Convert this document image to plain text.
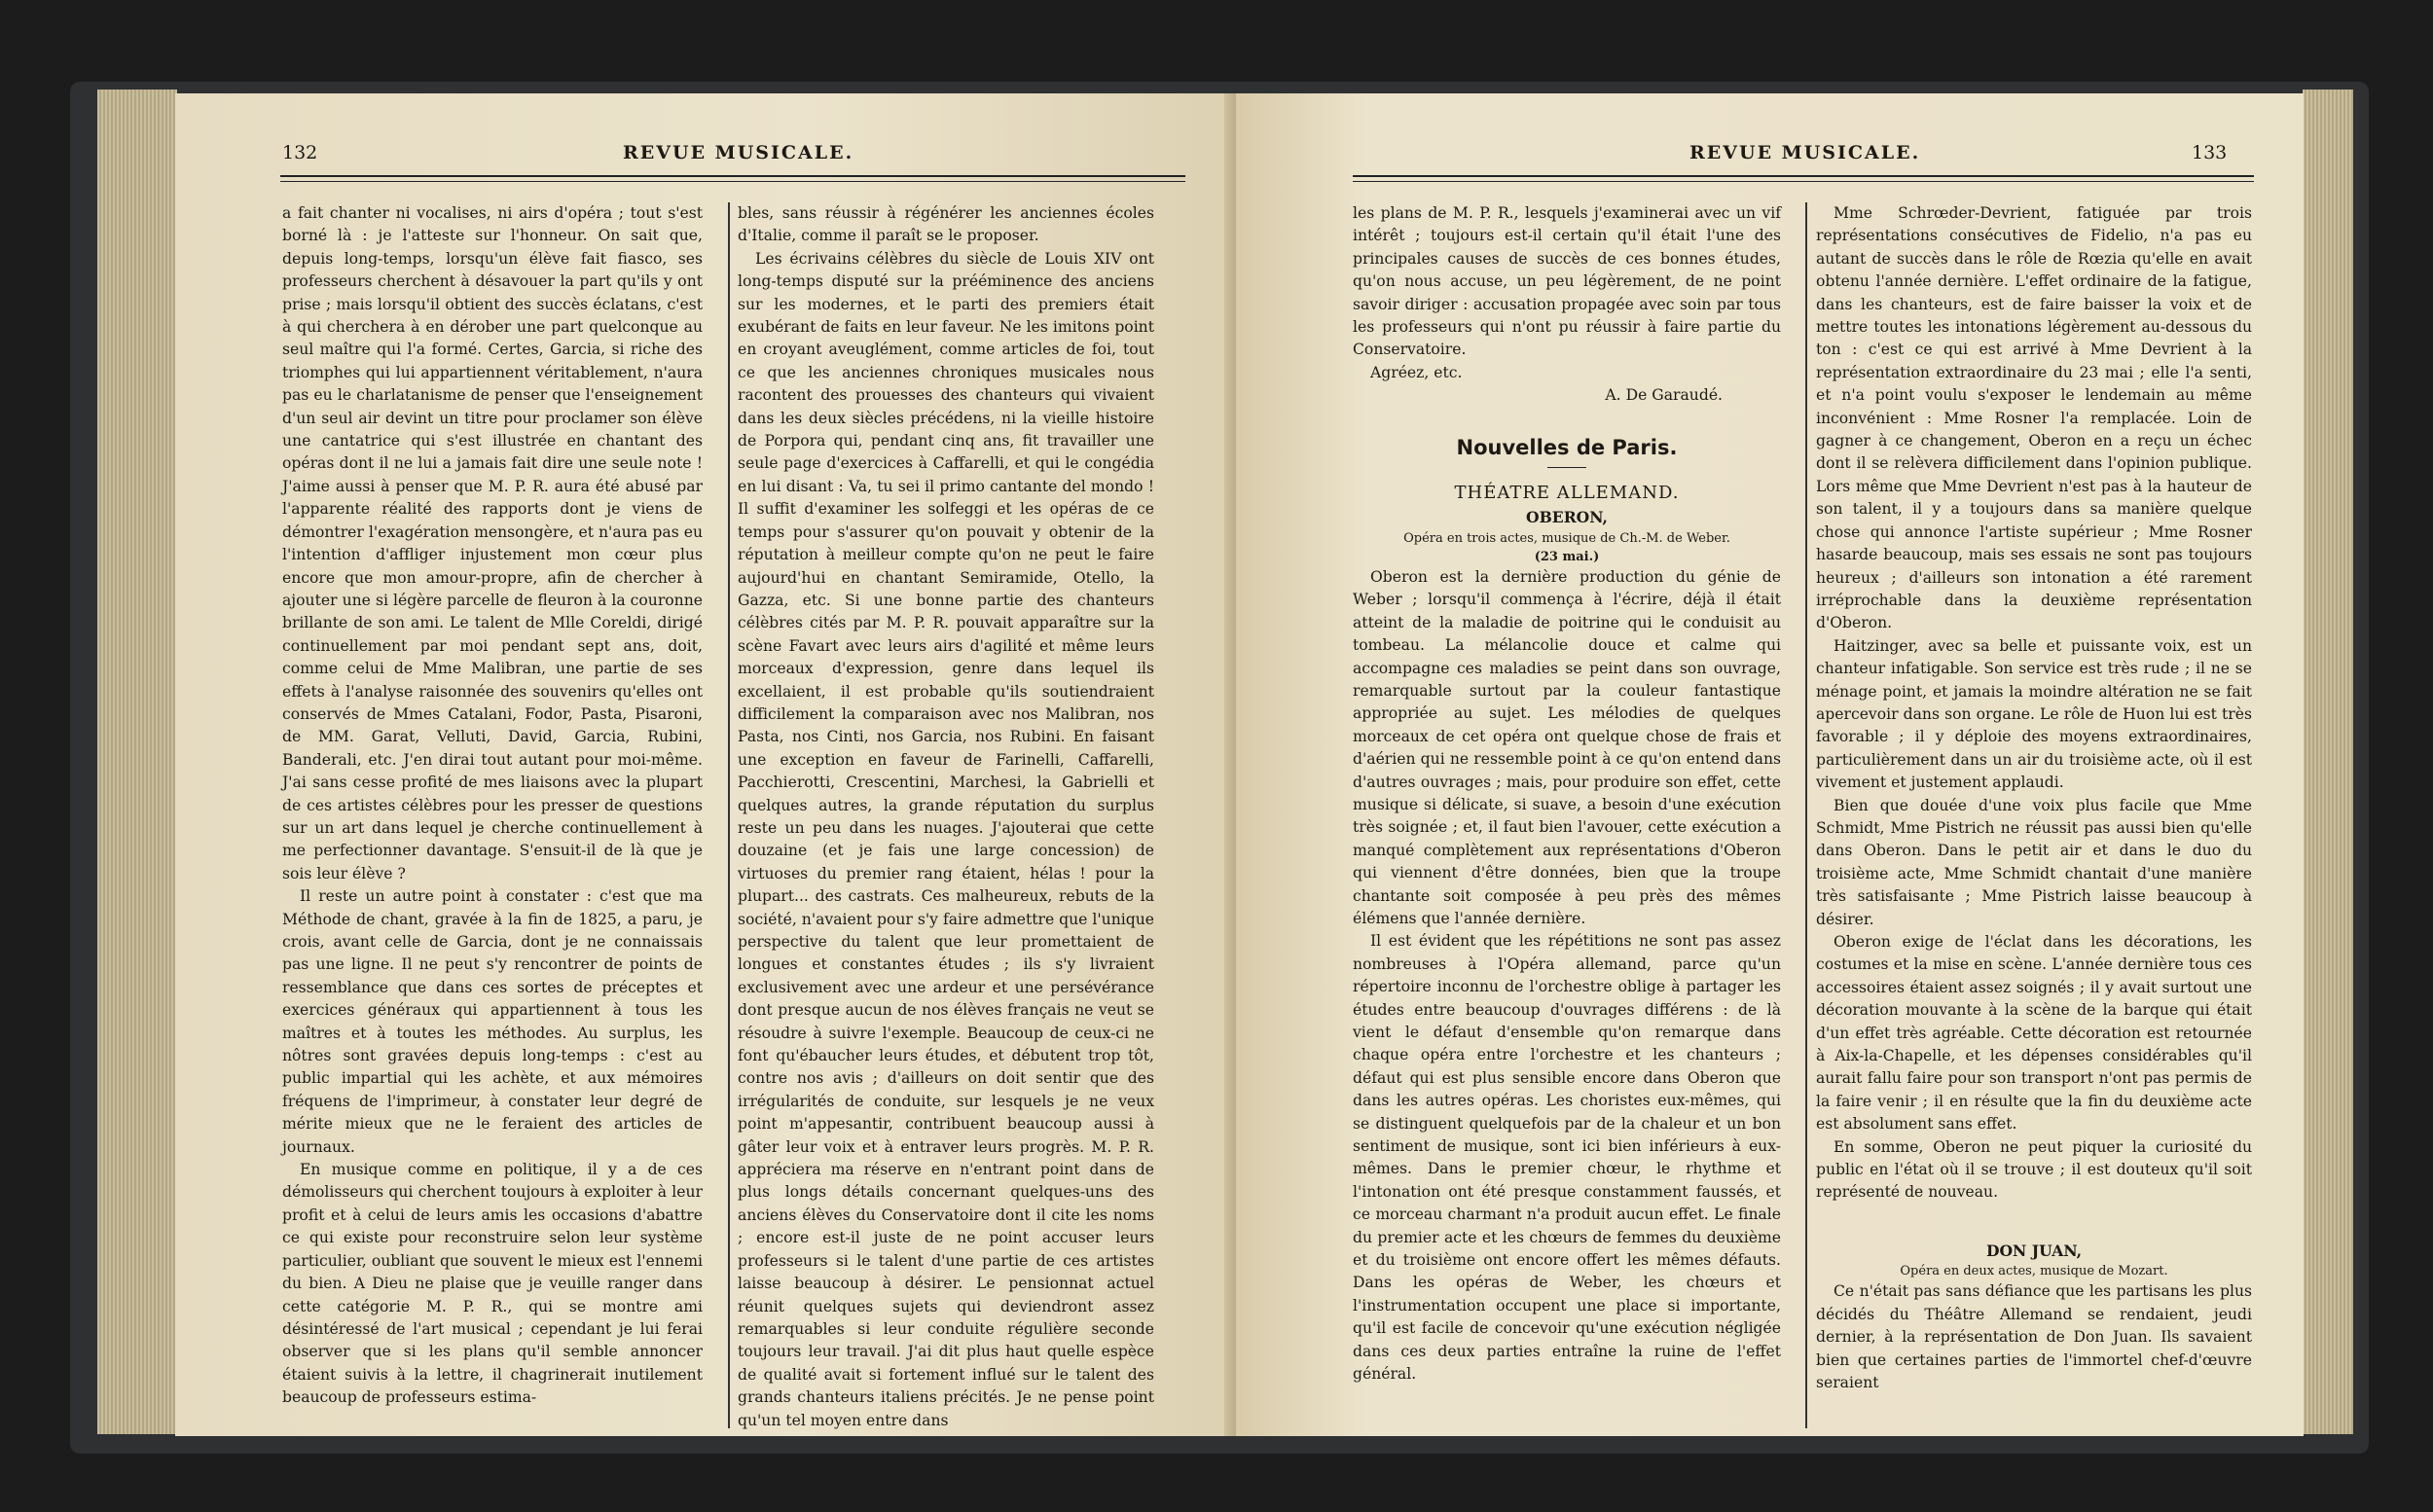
132	REVUE MUSICALE.

a fait chanter ni vocalises, ni airs d'opéra ; tout s'est borné là : je l'atteste sur l'honneur. On sait que, depuis long-temps, lorsqu'un élève fait fiasco, ses professeurs cherchent à désavouer la part qu'ils y ont prise ; mais lorsqu'il obtient des succès éclatans, c'est à qui cherchera à en dérober une part quelconque au seul maître qui l'a formé. Certes, Garcia, si riche des triomphes qui lui appartiennent véritablement, n'aura pas eu le charlatanisme de penser que l'enseignement d'un seul air devint un titre pour proclamer son élève une cantatrice qui s'est illustrée en chantant des opéras dont il ne lui a jamais fait dire une seule note ! J'aime aussi à penser que M. P. R. aura été abusé par l'apparente réalité des rapports dont je viens de démontrer l'exagération mensongère, et n'aura pas eu l'intention d'affliger injustement mon cœur plus encore que mon amour-propre, afin de chercher à ajouter une si légère parcelle de fleuron à la couronne brillante de son ami. Le talent de Mlle Coreldi, dirigé continuellement par moi pendant sept ans, doit, comme celui de Mme Malibran, une partie de ses effets à l'analyse raisonnée des souvenirs qu'elles ont conservés de Mmes Catalani, Fodor, Pasta, Pisaroni, de MM. Garat, Velluti, David, Garcia, Rubini, Banderali, etc. J'en dirai tout autant pour moi-même. J'ai sans cesse profité de mes liaisons avec la plupart de ces artistes célèbres pour les presser de questions sur un art dans lequel je cherche continuellement à me perfectionner davantage. S'ensuit-il de là que je sois leur élève ?

Il reste un autre point à constater : c'est que ma Méthode de chant, gravée à la fin de 1825, a paru, je crois, avant celle de Garcia, dont je ne connaissais pas une ligne. Il ne peut s'y rencontrer de points de ressemblance que dans ces sortes de préceptes et exercices généraux qui appartiennent à tous les maîtres et à toutes les méthodes. Au surplus, les nôtres sont gravées depuis long-temps : c'est au public impartial qui les achète, et aux mémoires fréquens de l'imprimeur, à constater leur degré de mérite mieux que ne le feraient des articles de journaux.

En musique comme en politique, il y a de ces démolisseurs qui cherchent toujours à exploiter à leur profit et à celui de leurs amis les occasions d'abattre ce qui existe pour reconstruire selon leur système particulier, oubliant que souvent le mieux est l'ennemi du bien. A Dieu ne plaise que je veuille ranger dans cette catégorie M. P. R., qui se montre ami désintéressé de l'art musical ; cependant je lui ferai observer que si les plans qu'il semble annoncer étaient suivis à la lettre, il chagrinerait inutilement beaucoup de professeurs estima-

bles, sans réussir à régénérer les anciennes écoles d'Italie, comme il paraît se le proposer.

Les écrivains célèbres du siècle de Louis XIV ont long-temps disputé sur la prééminence des anciens sur les modernes, et le parti des premiers était exubérant de faits en leur faveur. Ne les imitons point en croyant aveuglément, comme articles de foi, tout ce que les anciennes chroniques musicales nous racontent des prouesses des chanteurs qui vivaient dans les deux siècles précédens, ni la vieille histoire de Porpora qui, pendant cinq ans, fit travailler une seule page d'exercices à Caffarelli, et qui le congédia en lui disant : Va, tu sei il primo cantante del mondo ! Il suffit d'examiner les solfeggi et les opéras de ce temps pour s'assurer qu'on pouvait y obtenir de la réputation à meilleur compte qu'on ne peut le faire aujourd'hui en chantant Semiramide, Otello, la Gazza, etc. Si une bonne partie des chanteurs célèbres cités par M. P. R. pouvait apparaître sur la scène Favart avec leurs airs d'agilité et même leurs morceaux d'expression, genre dans lequel ils excellaient, il est probable qu'ils soutiendraient difficilement la comparaison avec nos Malibran, nos Pasta, nos Cinti, nos Garcia, nos Rubini. En faisant une exception en faveur de Farinelli, Caffarelli, Pacchierotti, Crescentini, Marchesi, la Gabrielli et quelques autres, la grande réputation du surplus reste un peu dans les nuages. J'ajouterai que cette douzaine (et je fais une large concession) de virtuoses du premier rang étaient, hélas ! pour la plupart... des castrats. Ces malheureux, rebuts de la société, n'avaient pour s'y faire admettre que l'unique perspective du talent que leur promettaient de longues et constantes études ; ils s'y livraient exclusivement avec une ardeur et une persévérance dont presque aucun de nos élèves français ne veut se résoudre à suivre l'exemple. Beaucoup de ceux-ci ne font qu'ébaucher leurs études, et débutent trop tôt, contre nos avis ; d'ailleurs on doit sentir que des irrégularités de conduite, sur lesquels je ne veux point m'appesantir, contribuent beaucoup aussi à gâter leur voix et à entraver leurs progrès. M. P. R. appréciera ma réserve en n'entrant point dans de plus longs détails concernant quelques-uns des anciens élèves du Conservatoire dont il cite les noms ; encore est-il juste de ne point accuser leurs professeurs si le talent d'une partie de ces artistes laisse beaucoup à désirer. Le pensionnat actuel réunit quelques sujets qui deviendront assez remarquables si leur conduite régulière seconde toujours leur travail. J'ai dit plus haut quelle espèce de qualité avait si fortement influé sur le talent des grands chanteurs italiens précités. Je ne pense point qu'un tel moyen entre dans

REVUE MUSICALE.	133

les plans de M. P. R., lesquels j'examinerai avec un vif intérêt ; toujours est-il certain qu'il était l'une des principales causes de succès de ces bonnes études, qu'on nous accuse, un peu légèrement, de ne point savoir diriger : accusation propagée avec soin par tous les professeurs qui n'ont pu réussir à faire partie du Conservatoire.

Agréez, etc.

A. De Garaudé.

Nouvelles de Paris.
THÉATRE ALLEMAND.
OBERON,
Opéra en trois actes, musique de Ch.-M. de Weber.
(23 mai.)

Oberon est la dernière production du génie de Weber ; lorsqu'il commença à l'écrire, déjà il était atteint de la maladie de poitrine qui le conduisit au tombeau. La mélancolie douce et calme qui accompagne ces maladies se peint dans son ouvrage, remarquable surtout par la couleur fantastique appropriée au sujet. Les mélodies de quelques morceaux de cet opéra ont quelque chose de frais et d'aérien qui ne ressemble point à ce qu'on entend dans d'autres ouvrages ; mais, pour produire son effet, cette musique si délicate, si suave, a besoin d'une exécution très soignée ; et, il faut bien l'avouer, cette exécution a manqué complètement aux représentations d'Oberon qui viennent d'être données, bien que la troupe chantante soit composée à peu près des mêmes élémens que l'année dernière.

Il est évident que les répétitions ne sont pas assez nombreuses à l'Opéra allemand, parce qu'un répertoire inconnu de l'orchestre oblige à partager les études entre beaucoup d'ouvrages différens : de là vient le défaut d'ensemble qu'on remarque dans chaque opéra entre l'orchestre et les chanteurs ; défaut qui est plus sensible encore dans Oberon que dans les autres opéras. Les choristes eux-mêmes, qui se distinguent quelquefois par de la chaleur et un bon sentiment de musique, sont ici bien inférieurs à eux-mêmes. Dans le premier chœur, le rhythme et l'intonation ont été presque constamment faussés, et ce morceau charmant n'a produit aucun effet. Le finale du premier acte et les chœurs de femmes du deuxième et du troisième ont encore offert les mêmes défauts. Dans les opéras de Weber, les chœurs et l'instrumentation occupent une place si importante, qu'il est facile de concevoir qu'une exécution négligée dans ces deux parties entraîne la ruine de l'effet général.

Mme Schrœder-Devrient, fatiguée par trois représentations consécutives de Fidelio, n'a pas eu autant de succès dans le rôle de Rœzia qu'elle en avait obtenu l'année dernière. L'effet ordinaire de la fatigue, dans les chanteurs, est de faire baisser la voix et de mettre toutes les intonations légèrement au-dessous du ton : c'est ce qui est arrivé à Mme Devrient à la représentation extraordinaire du 23 mai ; elle l'a senti, et n'a point voulu s'exposer le lendemain au même inconvénient : Mme Rosner l'a remplacée. Loin de gagner à ce changement, Oberon en a reçu un échec dont il se relèvera difficilement dans l'opinion publique. Lors même que Mme Devrient n'est pas à la hauteur de son talent, il y a toujours dans sa manière quelque chose qui annonce l'artiste supérieur ; Mme Rosner hasarde beaucoup, mais ses essais ne sont pas toujours heureux ; d'ailleurs son intonation a été rarement irréprochable dans la deuxième représentation d'Oberon.

Haitzinger, avec sa belle et puissante voix, est un chanteur infatigable. Son service est très rude ; il ne se ménage point, et jamais la moindre altération ne se fait apercevoir dans son organe. Le rôle de Huon lui est très favorable ; il y déploie des moyens extraordinaires, particulièrement dans un air du troisième acte, où il est vivement et justement applaudi.

Bien que douée d'une voix plus facile que Mme Schmidt, Mme Pistrich ne réussit pas aussi bien qu'elle dans Oberon. Dans le petit air et dans le duo du troisième acte, Mme Schmidt chantait d'une manière très satisfaisante ; Mme Pistrich laisse beaucoup à désirer.

Oberon exige de l'éclat dans les décorations, les costumes et la mise en scène. L'année dernière tous ces accessoires étaient assez soignés ; il y avait surtout une décoration mouvante à la scène de la barque qui était d'un effet très agréable. Cette décoration est retournée à Aix-la-Chapelle, et les dépenses considérables qu'il aurait fallu faire pour son transport n'ont pas permis de la faire venir ; il en résulte que la fin du deuxième acte est absolument sans effet.

En somme, Oberon ne peut piquer la curiosité du public en l'état où il se trouve ; il est douteux qu'il soit représenté de nouveau.

DON JUAN,
Opéra en deux actes, musique de Mozart.

Ce n'était pas sans défiance que les partisans les plus décidés du Théâtre Allemand se rendaient, jeudi dernier, à la représentation de Don Juan. Ils savaient bien que certaines parties de l'immortel chef-d'œuvre seraient
